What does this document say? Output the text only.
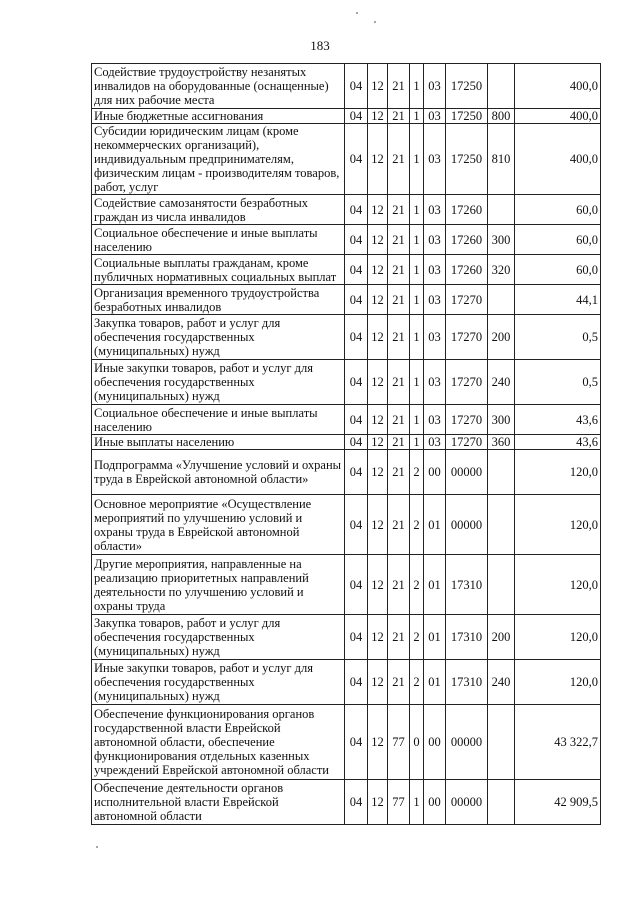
183
Содействие трудоустройству незанятых инвалидов на оборудованные (оснащенные) для них рабочие места	04	12	21	1	03	17250		400,0
Иные бюджетные ассигнования	04	12	21	1	03	17250	800	400,0
Субсидии юридическим лицам (кроме некоммерческих организаций), индивидуальным предпринимателям, физическим лицам - производителям товаров, работ, услуг	04	12	21	1	03	17250	810	400,0
Содействие самозанятости безработных граждан из числа инвалидов	04	12	21	1	03	17260		60,0
Социальное обеспечение и иные выплаты населению	04	12	21	1	03	17260	300	60,0
Социальные выплаты гражданам, кроме публичных нормативных социальных выплат	04	12	21	1	03	17260	320	60,0
Организация временного трудоустройства безработных инвалидов	04	12	21	1	03	17270		44,1
Закупка товаров, работ и услуг для обеспечения государственных (муниципальных) нужд	04	12	21	1	03	17270	200	0,5
Иные закупки товаров, работ и услуг для обеспечения государственных (муниципальных) нужд	04	12	21	1	03	17270	240	0,5
Социальное обеспечение и иные выплаты населению	04	12	21	1	03	17270	300	43,6
Иные выплаты населению	04	12	21	1	03	17270	360	43,6
Подпрограмма «Улучшение условий и охраны труда в Еврейской автономной области»	04	12	21	2	00	00000		120,0
Основное мероприятие «Осуществление мероприятий по улучшению условий и охраны труда в Еврейской автономной области»	04	12	21	2	01	00000		120,0
Другие мероприятия, направленные на реализацию приоритетных направлений деятельности по улучшению условий и охраны труда	04	12	21	2	01	17310		120,0
Закупка товаров, работ и услуг для обеспечения государственных (муниципальных) нужд	04	12	21	2	01	17310	200	120,0
Иные закупки товаров, работ и услуг для обеспечения государственных (муниципальных) нужд	04	12	21	2	01	17310	240	120,0
Обеспечение функционирования органов государственной власти Еврейской автономной области, обеспечение функционирования отдельных казенных учреждений Еврейской автономной области	04	12	77	0	00	00000		43 322,7
Обеспечение деятельности органов исполнительной власти Еврейской автономной области	04	12	77	1	00	00000		42 909,5
